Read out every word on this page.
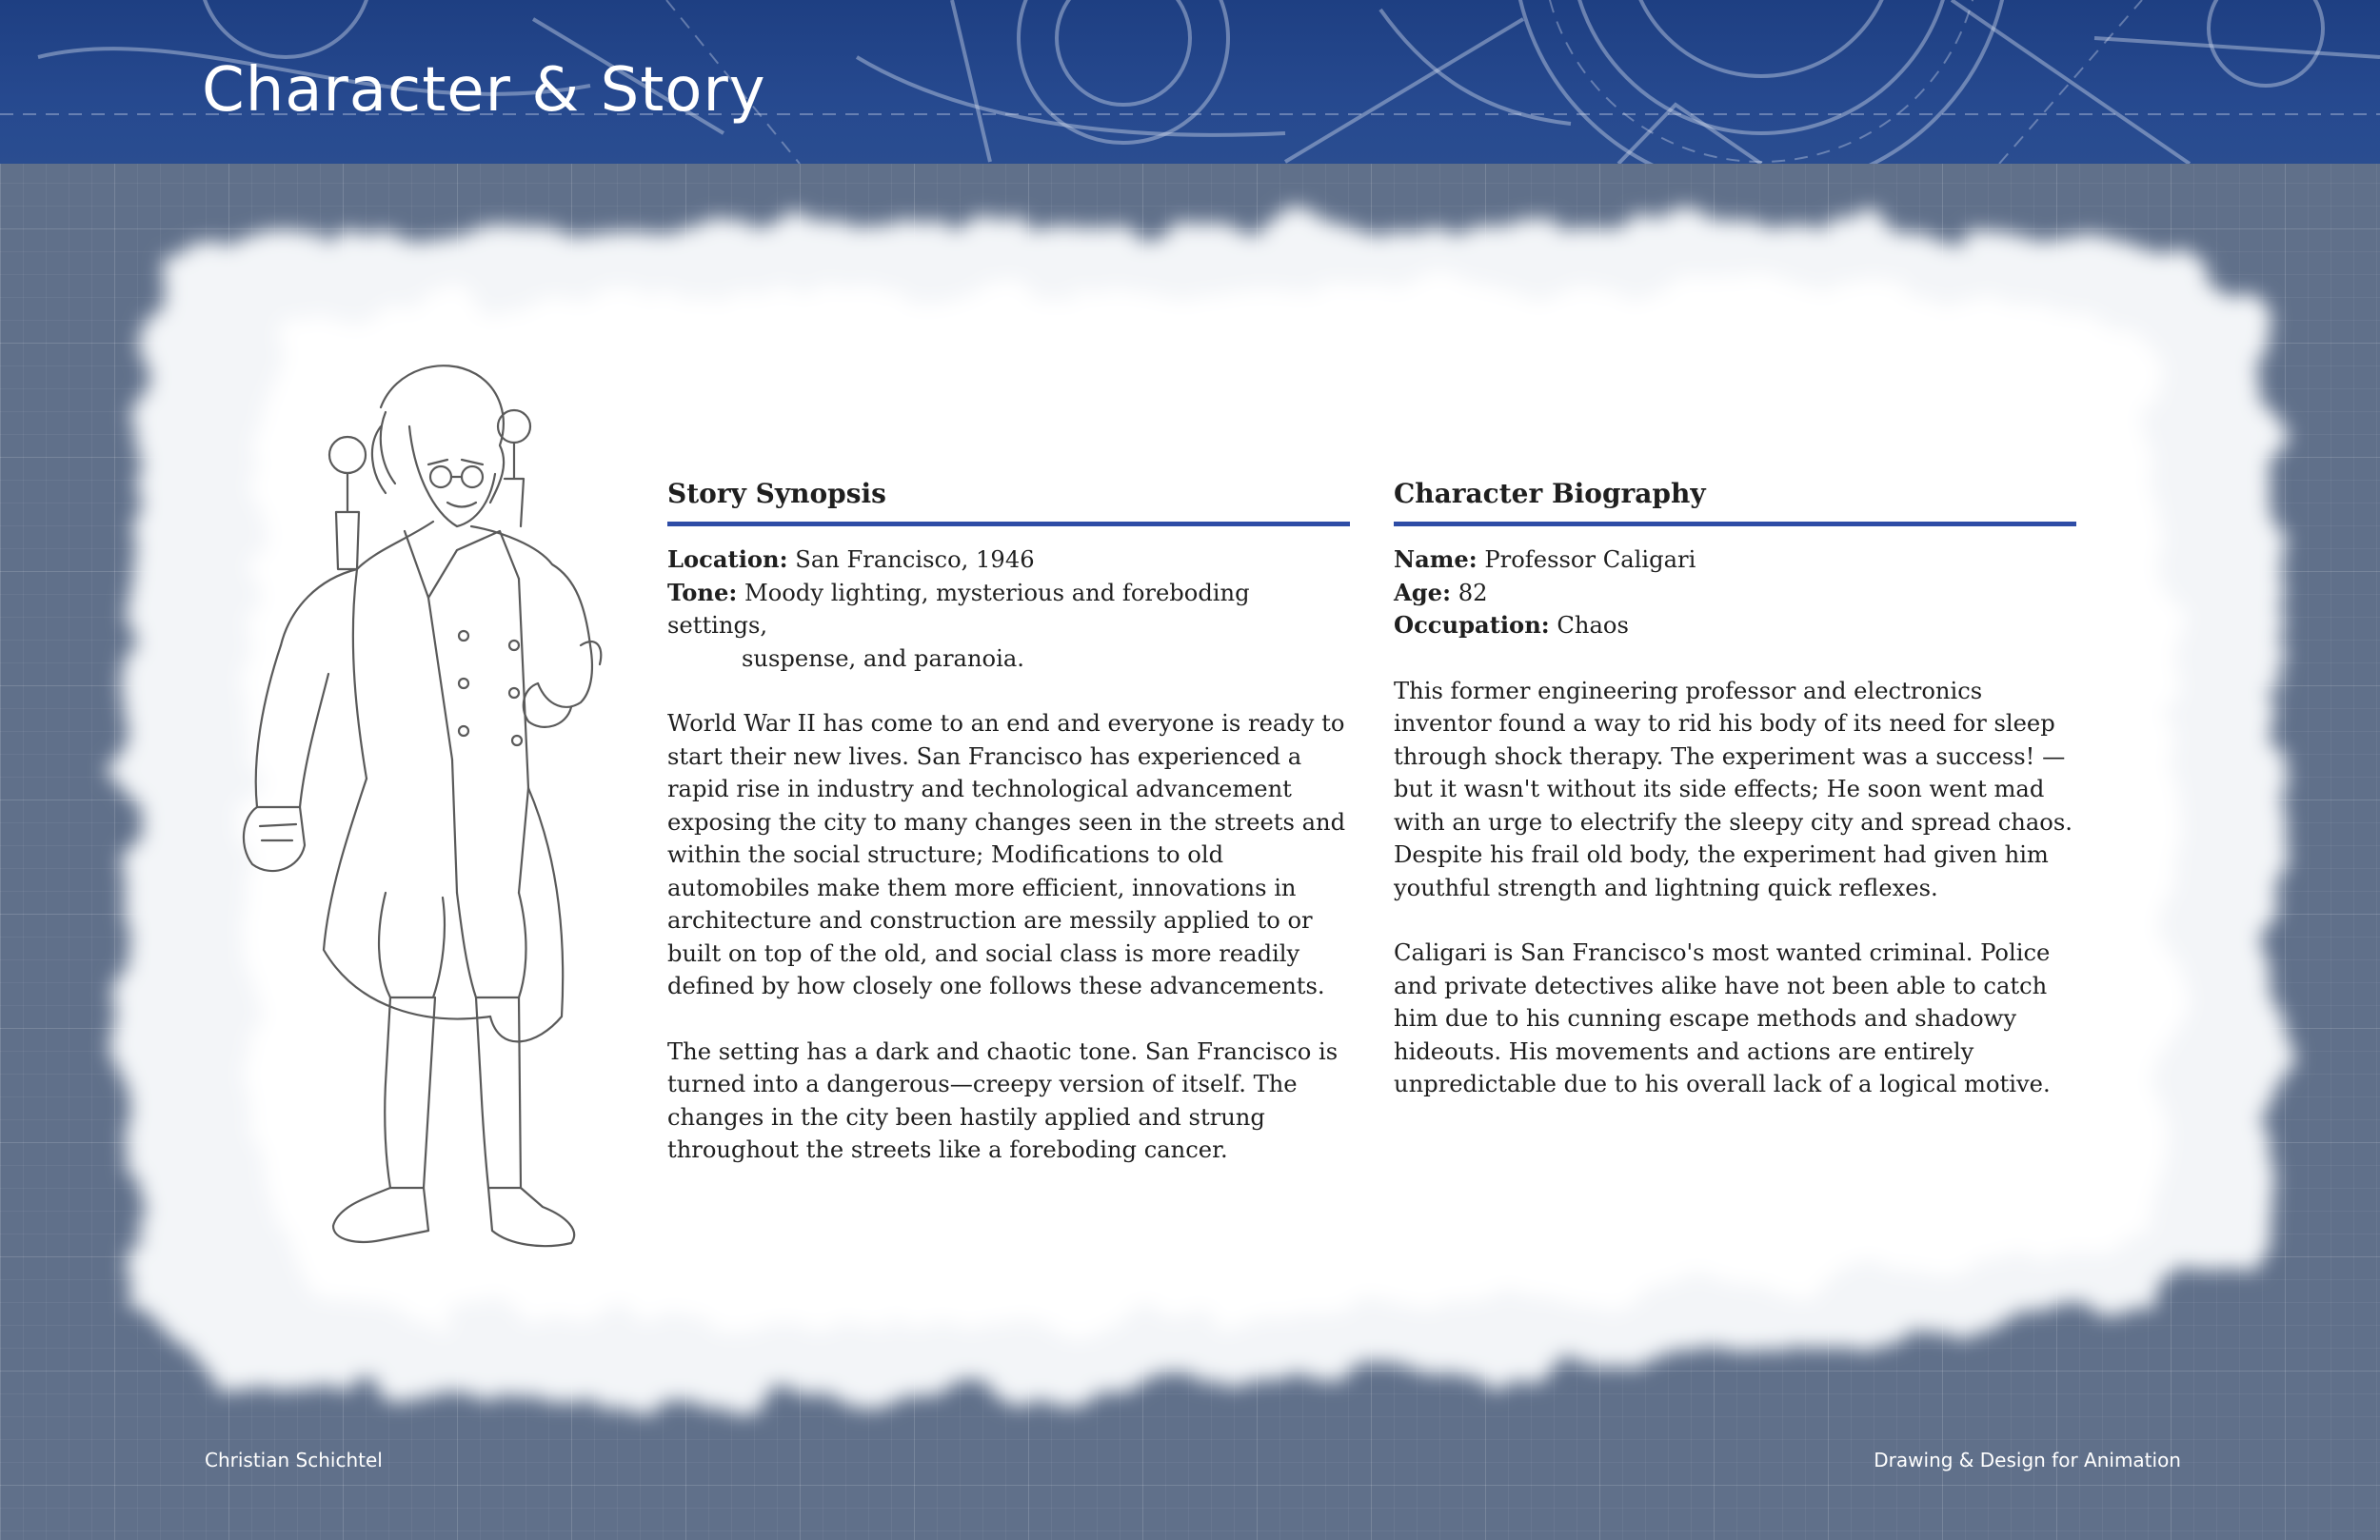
Character & Story
Story Synopsis
Location: San Francisco, 1946
Tone: Moody lighting, mysterious and foreboding settings,
suspense, and paranoia.

World War II has come to an end and everyone is ready to start their new lives. San Francisco has experienced a rapid rise in industry and technological advancement exposing the city to many changes seen in the streets and within the social structure; Modifications to old automobiles make them more efficient, innovations in architecture and construction are messily applied to or built on top of the old, and social class is more readily defined by how closely one follows these advancements.

The setting has a dark and chaotic tone. San Francisco is turned into a dangerous—creepy version of itself. The changes in the city been hastily applied and strung throughout the streets like a foreboding cancer.

Character Biography
Name: Professor Caligari
Age: 82
Occupation: Chaos

This former engineering professor and electronics inventor found a way to rid his body of its need for sleep through shock therapy. The experiment was a success! —but it wasn't without its side effects; He soon went mad with an urge to electrify the sleepy city and spread chaos. Despite his frail old body, the experiment had given him youthful strength and lightning quick reflexes.

Caligari is San Francisco's most wanted criminal. Police and private detectives alike have not been able to catch him due to his cunning escape methods and shadowy hideouts. His movements and actions are entirely unpredictable due to his overall lack of a logical motive.

Christian Schichtel	Drawing & Design for Animation
